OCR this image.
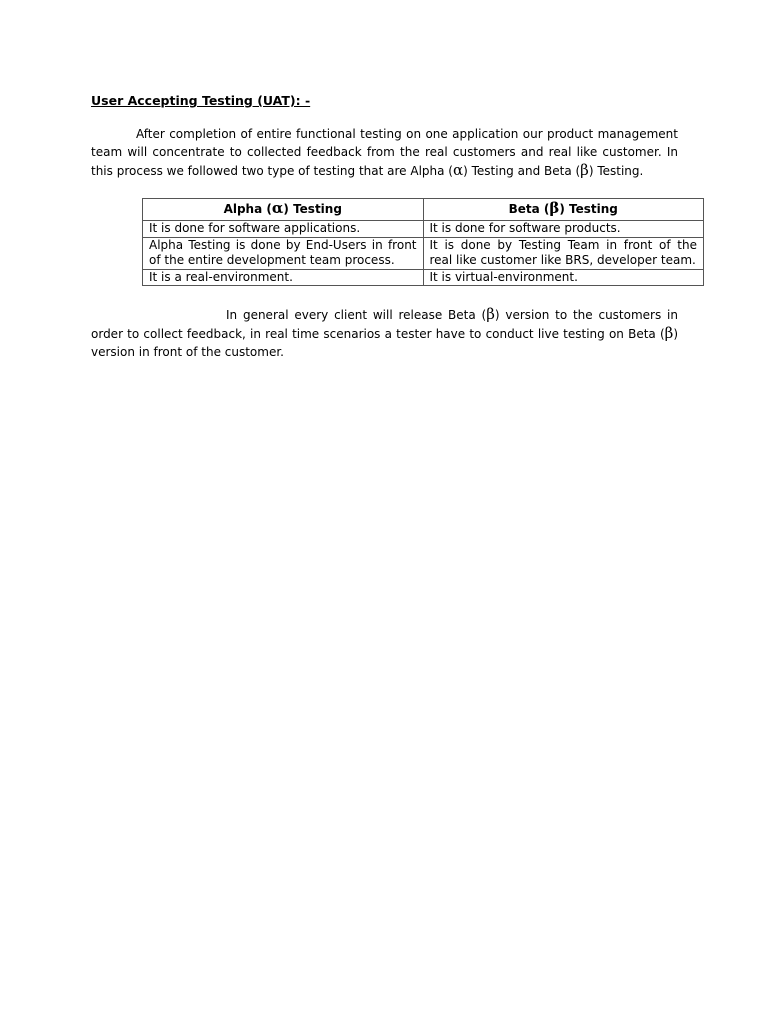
User Accepting Testing (UAT): -

After completion of entire functional testing on one application our product management team will concentrate to collected feedback from the real customers and real like customer. In this process we followed two type of testing that are Alpha (α) Testing and Beta (β) Testing.

Alpha (α) Testing	Beta (β) Testing
It is done for software applications.	It is done for software products.
Alpha Testing is done by End-Users in front of the entire development team process.	It is done by Testing Team in front of the real like customer like BRS, developer team.
It is a real-environment.	It is virtual-environment.

In general every client will release Beta (β) version to the customers in order to collect feedback, in real time scenarios a tester have to conduct live testing on Beta (β) version in front of the customer.
